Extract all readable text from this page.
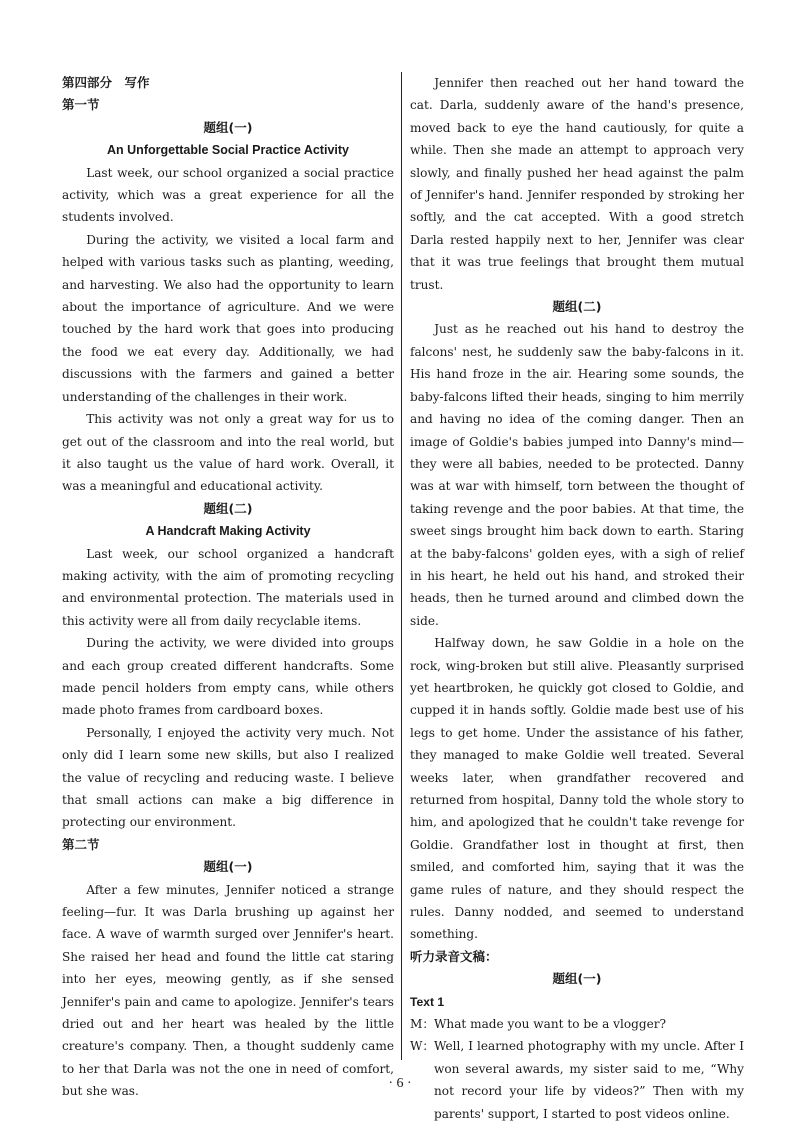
第四部分　写作

第一节

题组(一)

An Unforgettable Social Practice Activity

Last week, our school organized a social practice activity, which was a great experience for all the students involved.

During the activity, we visited a local farm and helped with various tasks such as planting, weeding, and harvesting. We also had the opportunity to learn about the importance of agriculture. And we were touched by the hard work that goes into producing the food we eat every day. Additionally, we had discussions with the farmers and gained a better understanding of the challenges in their work.

This activity was not only a great way for us to get out of the classroom and into the real world, but it also taught us the value of hard work. Overall, it was a meaningful and educational activity.

题组(二)

A Handcraft Making Activity

Last week, our school organized a handcraft making activity, with the aim of promoting recycling and environmental protection. The materials used in this activity were all from daily recyclable items.

During the activity, we were divided into groups and each group created different handcrafts. Some made pencil holders from empty cans, while others made photo frames from cardboard boxes.

Personally, I enjoyed the activity very much. Not only did I learn some new skills, but also I realized the value of recycling and reducing waste. I believe that small actions can make a big difference in protecting our environment.

第二节

题组(一)

After a few minutes, Jennifer noticed a strange feeling—fur. It was Darla brushing up against her face. A wave of warmth surged over Jennifer's heart. She raised her head and found the little cat staring into her eyes, meowing gently, as if she sensed Jennifer's pain and came to apologize. Jennifer's tears dried out and her heart was healed by the little creature's company. Then, a thought suddenly came to her that Darla was not the one in need of comfort, but she was.

Jennifer then reached out her hand toward the cat. Darla, suddenly aware of the hand's presence, moved back to eye the hand cautiously, for quite a while. Then she made an attempt to approach very slowly, and finally pushed her head against the palm of Jennifer's hand. Jennifer responded by stroking her softly, and the cat accepted. With a good stretch Darla rested happily next to her, Jennifer was clear that it was true feelings that brought them mutual trust.

题组(二)

Just as he reached out his hand to destroy the falcons' nest, he suddenly saw the baby-falcons in it. His hand froze in the air. Hearing some sounds, the baby-falcons lifted their heads, singing to him merrily and having no idea of the coming danger. Then an image of Goldie's babies jumped into Danny's mind—they were all babies, needed to be protected. Danny was at war with himself, torn between the thought of taking revenge and the poor babies. At that time, the sweet sings brought him back down to earth. Staring at the baby-falcons' golden eyes, with a sigh of relief in his heart, he held out his hand, and stroked their heads, then he turned around and climbed down the side.

Halfway down, he saw Goldie in a hole on the rock, wing-broken but still alive. Pleasantly surprised yet heartbroken, he quickly got closed to Goldie, and cupped it in hands softly. Goldie made best use of his legs to get home. Under the assistance of his father, they managed to make Goldie well treated. Several weeks later, when grandfather recovered and returned from hospital, Danny told the whole story to him, and apologized that he couldn't take revenge for Goldie. Grandfather lost in thought at first, then smiled, and comforted him, saying that it was the game rules of nature, and they should respect the rules. Danny nodded, and seemed to understand something.

听力录音文稿：

题组(一)

Text 1

M： What made you want to be a vlogger?

W： Well, I learned photography with my uncle. After I won several awards, my sister said to me, “Why not record your life by videos?” Then with my parents' support, I started to post videos online.

· 6 ·
